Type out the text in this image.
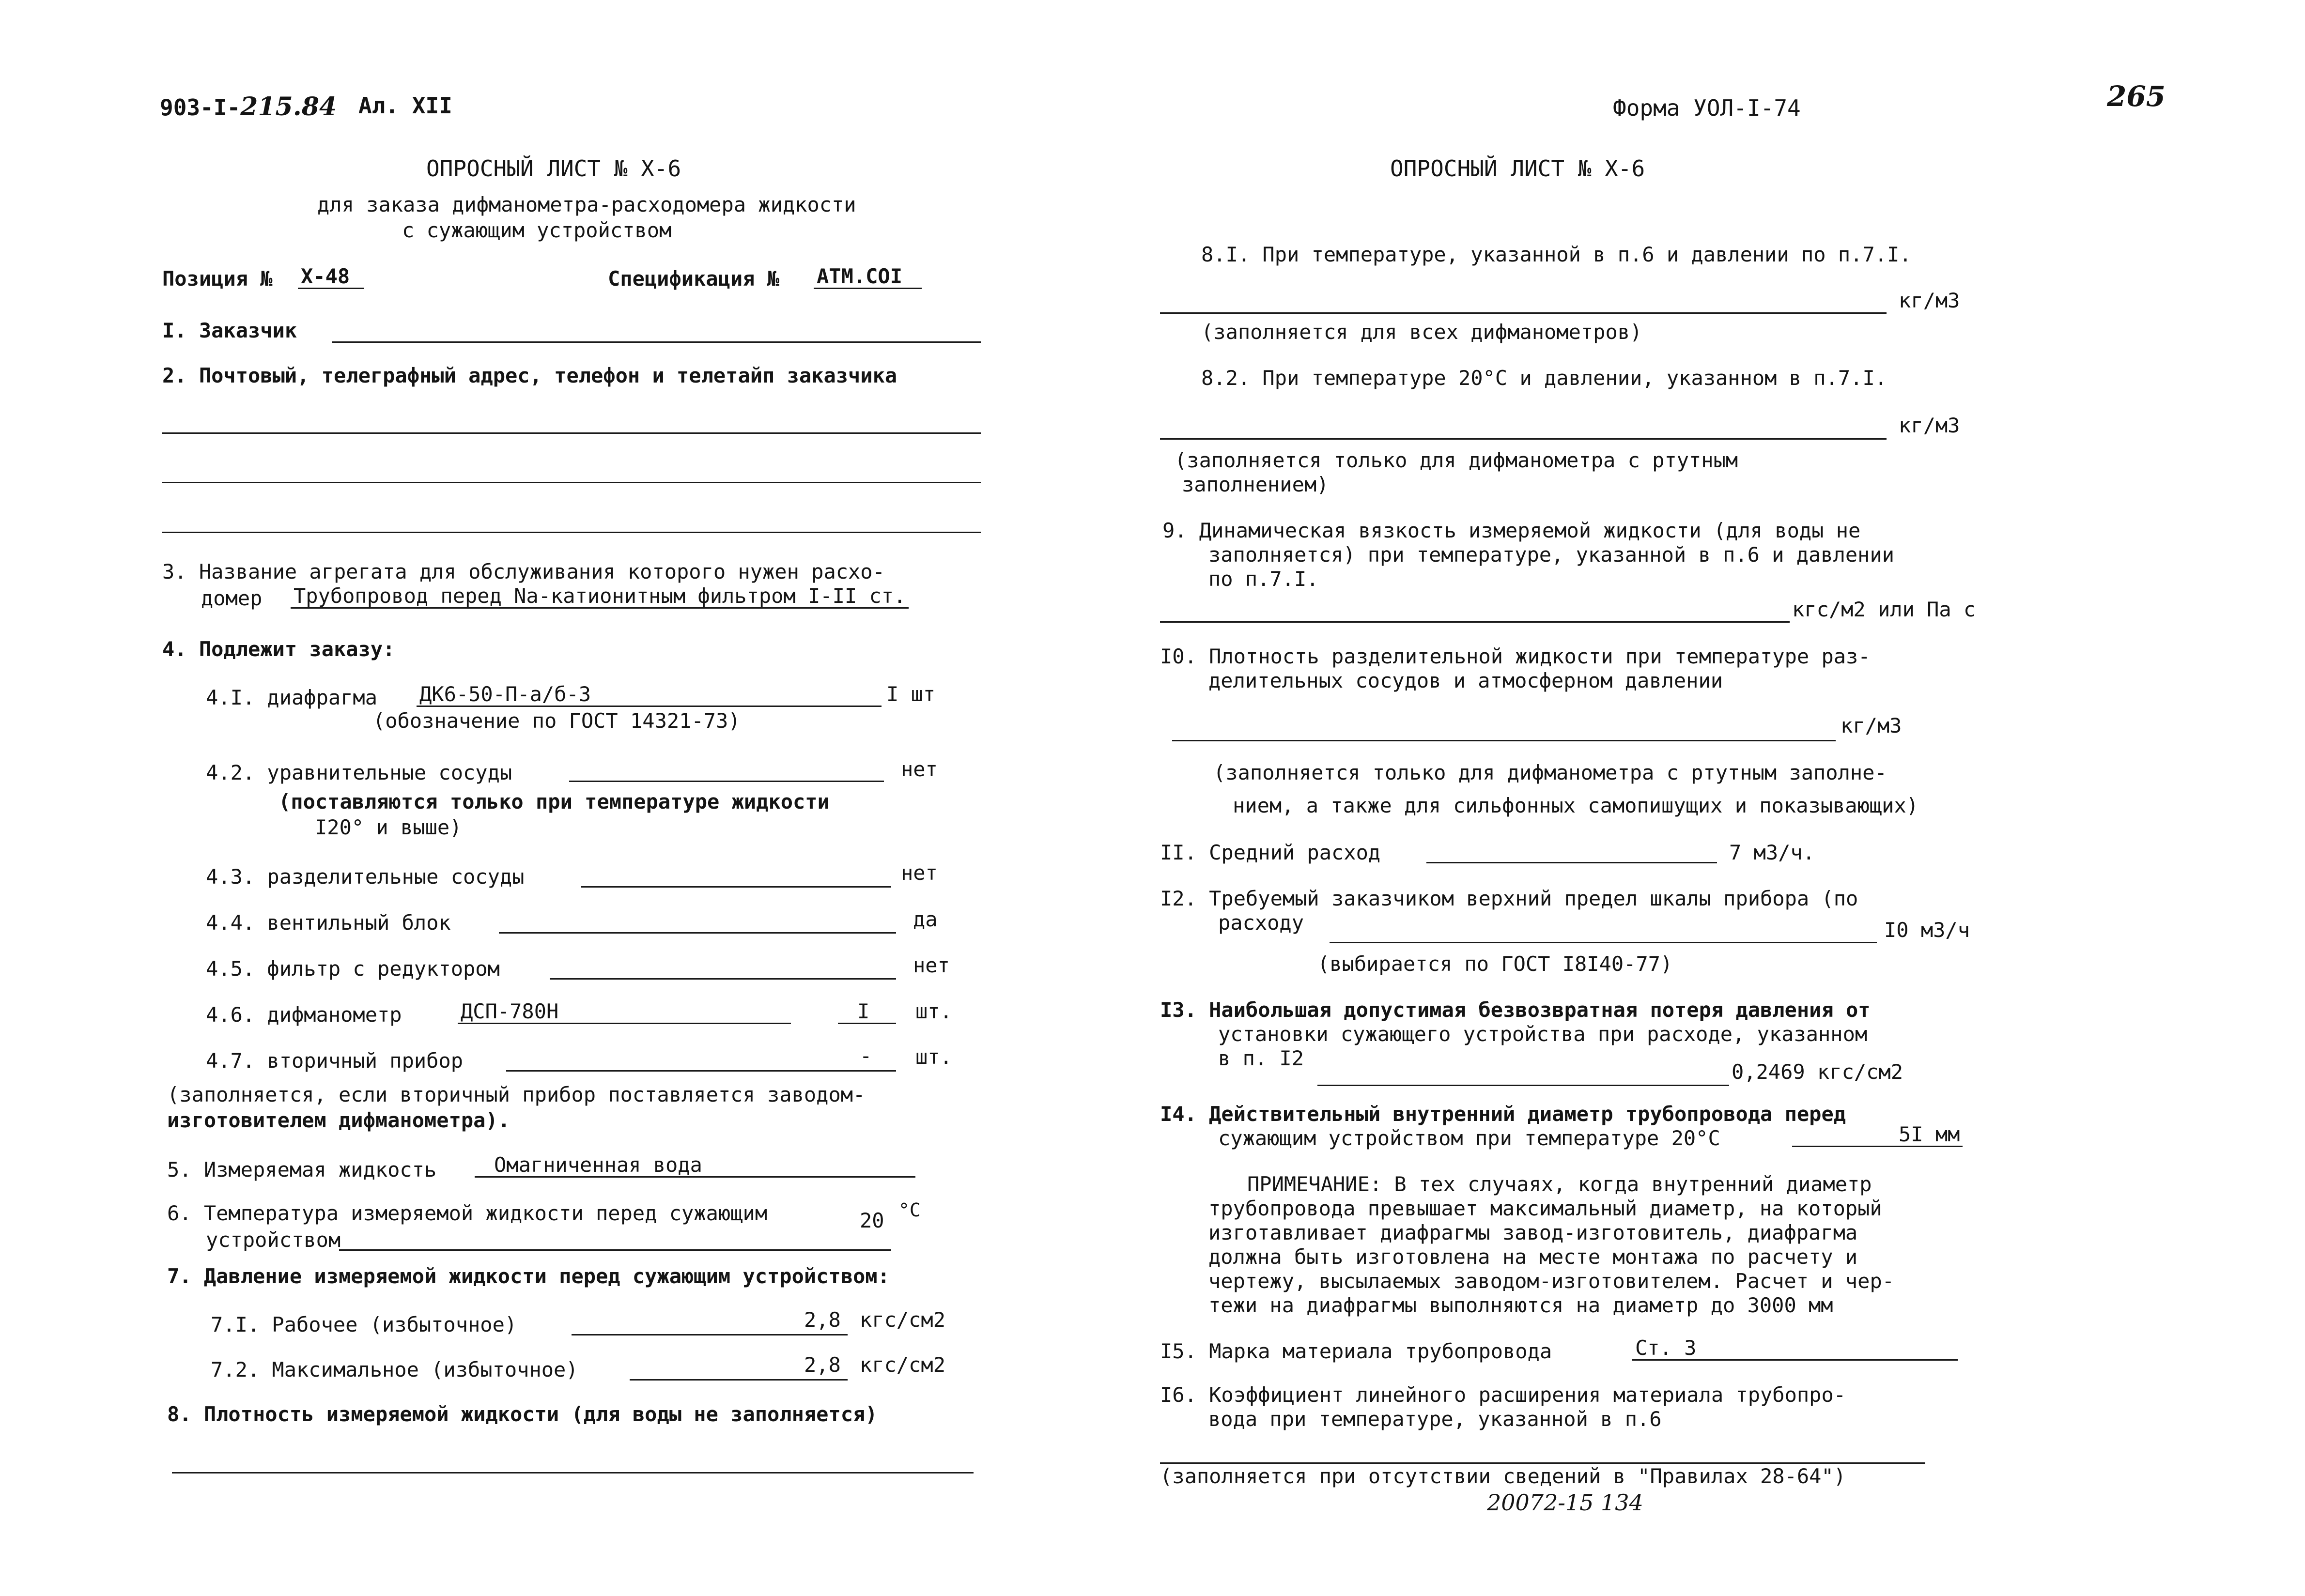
903-I-215.84 Ал. XII	Форма УОЛ-I-74	265
ОПРОСНЫЙ ЛИСТ № Х-6
для заказа дифманометра-расходомера жидкости
с сужающим устройством
Позиция № Х-48	Спецификация № АТМ.СОI
I. Заказчик
2. Почтовый, телеграфный адрес, телефон и телетайп заказчика
3. Название агрегата для обслуживания которого нужен расхо-
домер Трубопровод перед Na-катионитным фильтром I-II ст.
4. Подлежит заказу:
4.I. диафрагма ДК6-50-П-а/б-3	I шт
(обозначение по ГОСТ 14321-73)
4.2. уравнительные сосуды	нет
(поставляются только при температуре жидкости
I20° и выше)
4.3. разделительные сосуды	нет
4.4. вентильный блок	да
4.5. фильтр с редуктором	нет
4.6. дифманометр	ДСП-780Н	I шт.
4.7. вторичный прибор	- шт.
(заполняется, если вторичный прибор поставляется заводом-
изготовителем дифманометра).
5. Измеряемая жидкость	Омагниченная вода
6. Температура измеряемой жидкости перед сужающим
устройством
20 °С
7. Давление измеряемой жидкости перед сужающим устройством:
7.I. Рабочее (избыточное)	2,8 кгс/см2
7.2. Максимальное (избыточное)	2,8 кгс/см2
8. Плотность измеряемой жидкости (для воды не заполняется)
ОПРОСНЫЙ ЛИСТ № Х-6
8.I. При температуре, указанной в п.6 и давлении по п.7.I.
кг/м3
(заполняется для всех дифманометров)
8.2. При температуре 20°С и давлении, указанном в п.7.I.
кг/м3
(заполняется только для дифманометра с ртутным
заполнением)
9. Динамическая вязкость измеряемой жидкости (для воды не
заполняется) при температуре, указанной в п.6 и давлении
по п.7.I.
кгс/м2 или Па с
I0. Плотность разделительной жидкости при температуре раз-
делительных сосудов и атмосферном давлении
кг/м3
(заполняется только для дифманометра с ртутным заполне-
нием, а также для сильфонных самопишущих и показывающих)
II. Средний расход	7 м3/ч.
I2. Требуемый заказчиком верхний предел шкалы прибора (по
расходу	I0 м3/ч
(выбирается по ГОСТ I8I40-77)
I3. Наибольшая допустимая безвозвратная потеря давления от
установки сужающего устройства при расходе, указанном
в п. I2
0,2469 кгс/см2
I4. Действительный внутренний диаметр трубопровода перед
сужающим устройством при температуре 20°С	5I мм
ПРИМЕЧАНИЕ: В тех случаях, когда внутренний диаметр
трубопровода превышает максимальный диаметр, на который
изготавливает диафрагмы завод-изготовитель, диафрагма
должна быть изготовлена на месте монтажа по расчету и
чертежу, высылаемых заводом-изготовителем. Расчет и чер-
тежи на диафрагмы выполняются на диаметр до 3000 мм
I5. Марка материала трубопровода	Ст. 3
I6. Коэффициент линейного расширения материала трубопро-
вода при температуре, указанной в п.6
(заполняется при отсутствии сведений в "Правилах 28-64")
20072-15 134
